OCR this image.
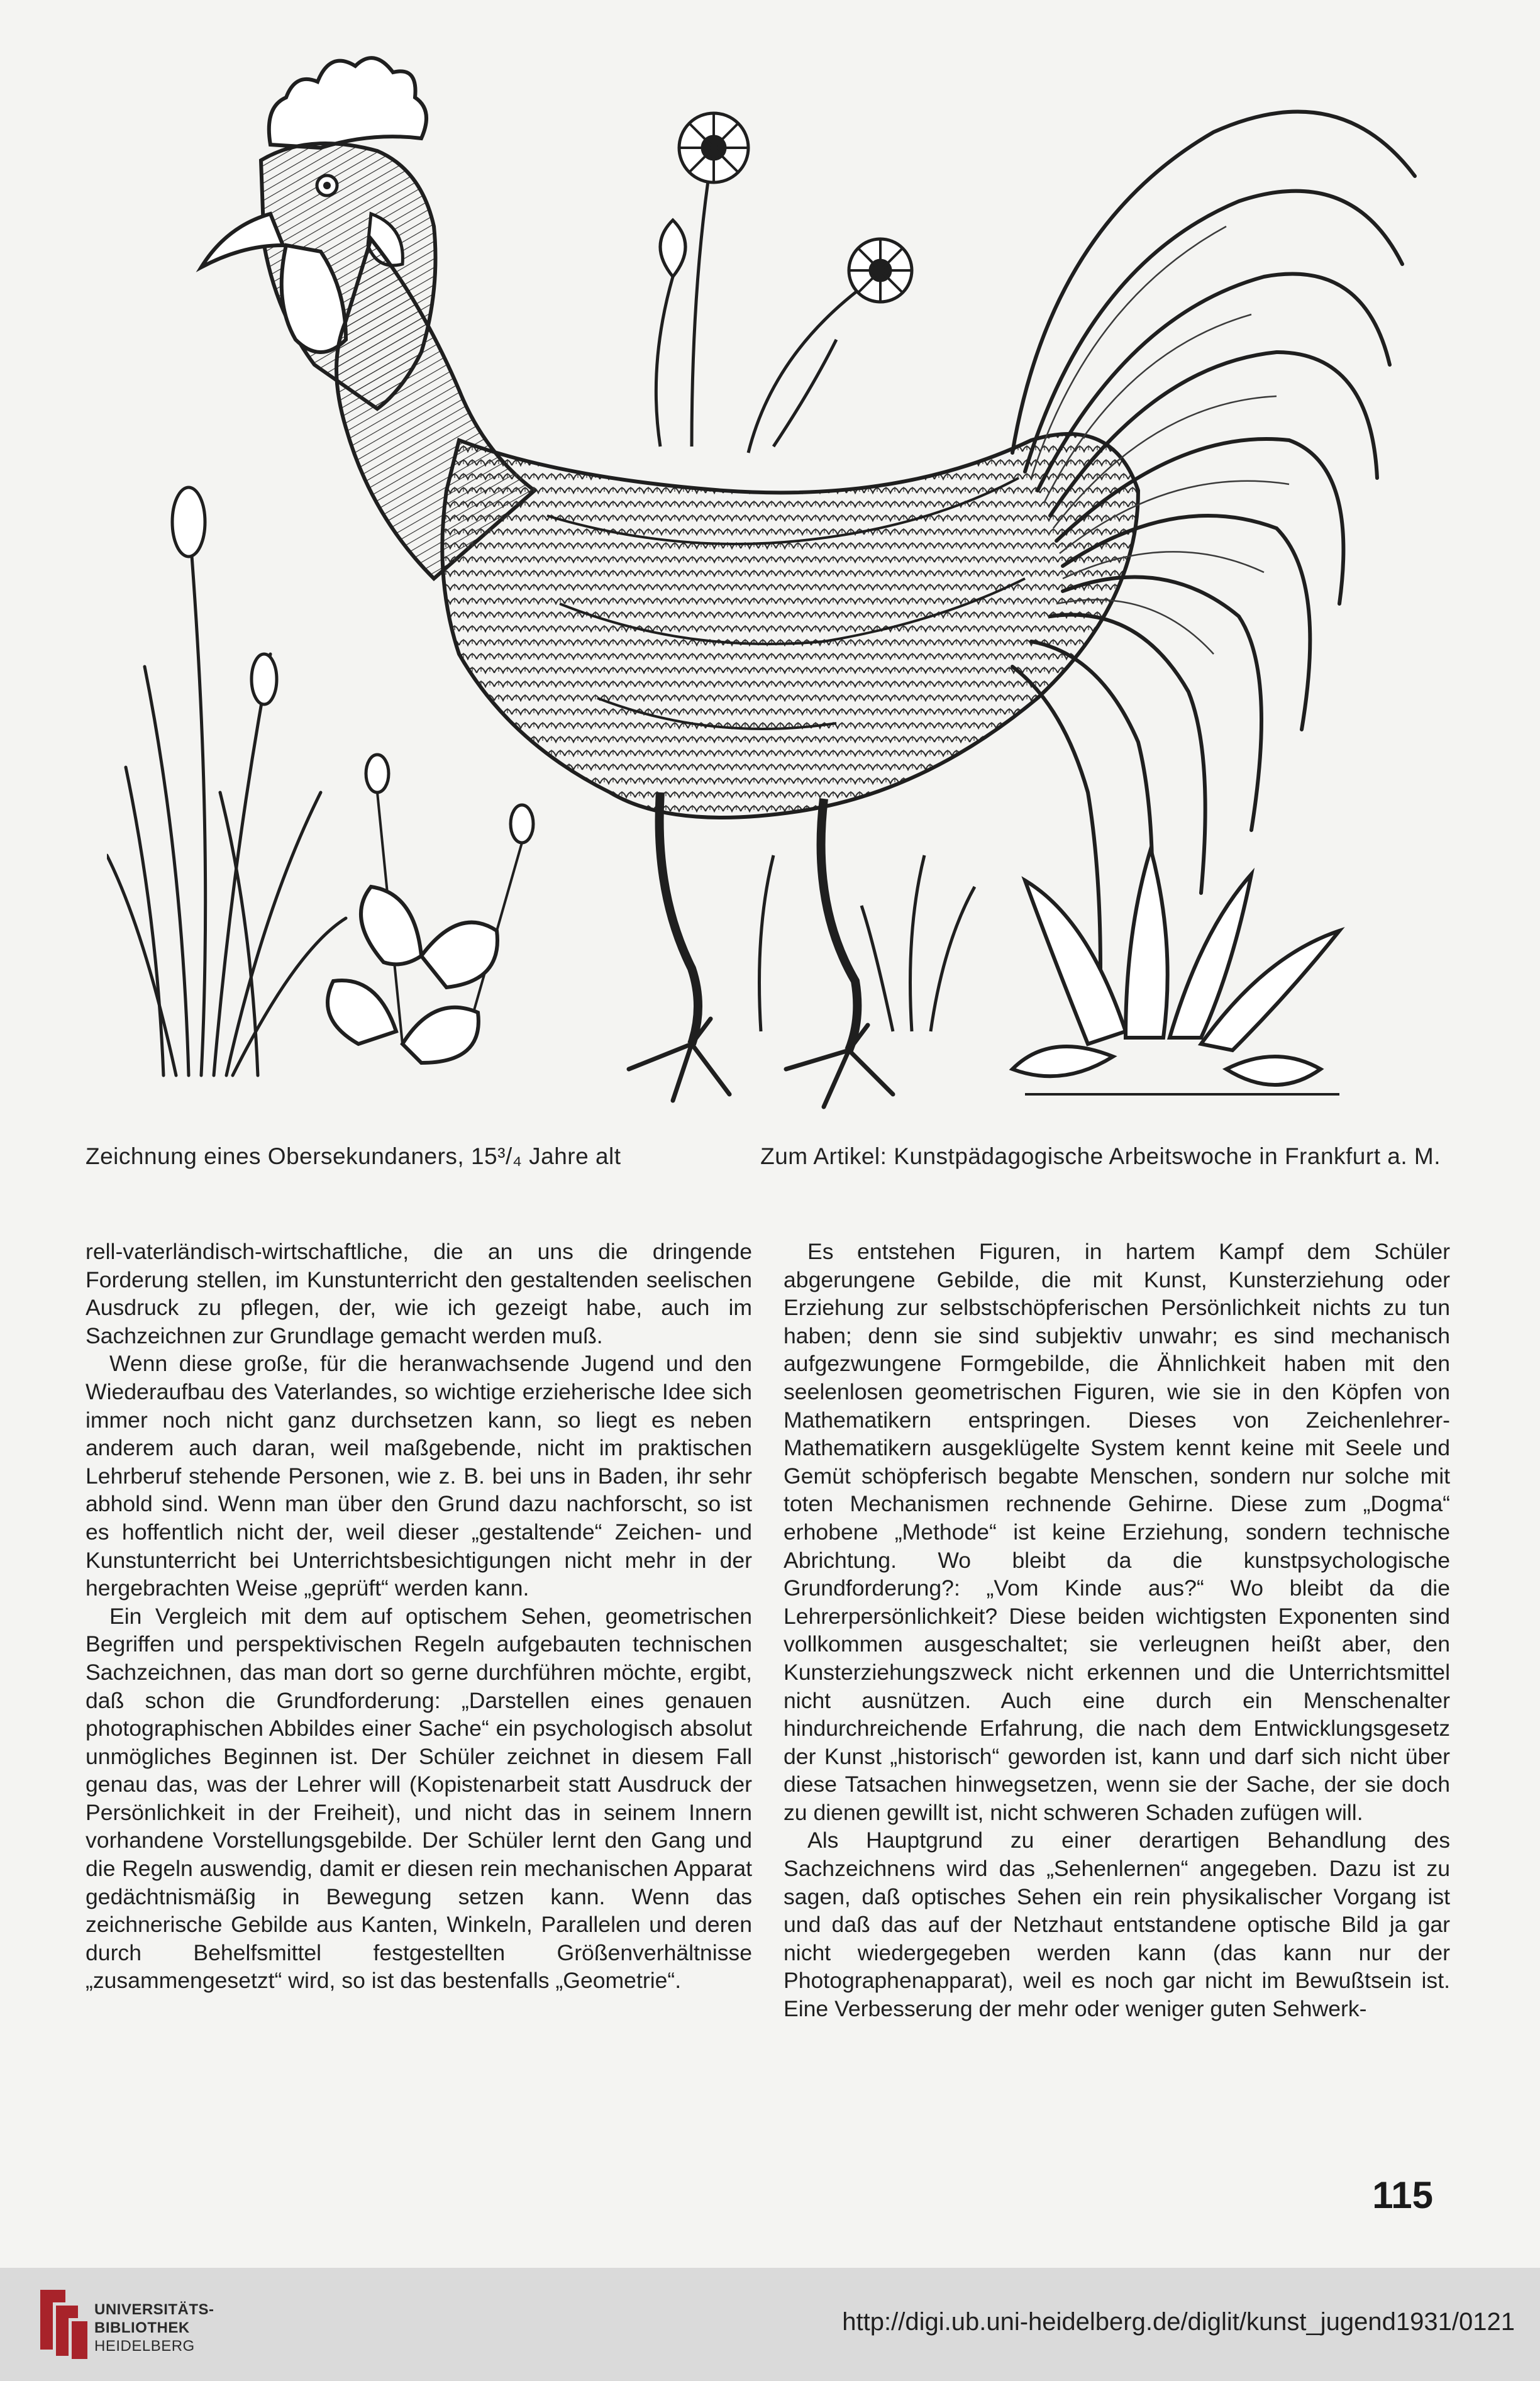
Zeichnung eines Obersekundaners, 15³/₄ Jahre alt	Zum Artikel: Kunstpädagogische Arbeitswoche in Frankfurt a. M.

rell-vaterländisch-wirtschaftliche, die an uns die dringende Forderung stellen, im Kunstunterricht den gestaltenden seelischen Ausdruck zu pflegen, der, wie ich gezeigt habe, auch im Sachzeichnen zur Grundlage gemacht werden muß.

Wenn diese große, für die heranwachsende Jugend und den Wiederaufbau des Vaterlandes, so wichtige erzieherische Idee sich immer noch nicht ganz durchsetzen kann, so liegt es neben anderem auch daran, weil maßgebende, nicht im praktischen Lehrberuf stehende Personen, wie z. B. bei uns in Baden, ihr sehr abhold sind. Wenn man über den Grund dazu nachforscht, so ist es hoffentlich nicht der, weil dieser „gestaltende“ Zeichen- und Kunstunterricht bei Unterrichtsbesichtigungen nicht mehr in der hergebrachten Weise „geprüft“ werden kann.

Ein Vergleich mit dem auf optischem Sehen, geometrischen Begriffen und perspektivischen Regeln aufgebauten technischen Sachzeichnen, das man dort so gerne durchführen möchte, ergibt, daß schon die Grundforderung: „Darstellen eines genauen photographischen Abbildes einer Sache“ ein psychologisch absolut unmögliches Beginnen ist. Der Schüler zeichnet in diesem Fall genau das, was der Lehrer will (Kopistenarbeit statt Ausdruck der Persönlichkeit in der Freiheit), und nicht das in seinem Innern vorhandene Vorstellungsgebilde. Der Schüler lernt den Gang und die Regeln auswendig, damit er diesen rein mechanischen Apparat gedächtnismäßig in Bewegung setzen kann. Wenn das zeichnerische Gebilde aus Kanten, Winkeln, Parallelen und deren durch Behelfsmittel festgestellten Größenverhältnisse „zusammengesetzt“ wird, so ist das bestenfalls „Geometrie“.

Es entstehen Figuren, in hartem Kampf dem Schüler abgerungene Gebilde, die mit Kunst, Kunsterziehung oder Erziehung zur selbstschöpferischen Persönlichkeit nichts zu tun haben; denn sie sind subjektiv unwahr; es sind mechanisch aufgezwungene Formgebilde, die Ähnlichkeit haben mit den seelenlosen geometrischen Figuren, wie sie in den Köpfen von Mathematikern entspringen. Dieses von Zeichenlehrer-Mathematikern ausgeklügelte System kennt keine mit Seele und Gemüt schöpferisch begabte Menschen, sondern nur solche mit toten Mechanismen rechnende Gehirne. Diese zum „Dogma“ erhobene „Methode“ ist keine Erziehung, sondern technische Abrichtung. Wo bleibt da die kunstpsychologische Grundforderung?: „Vom Kinde aus?“ Wo bleibt da die Lehrerpersönlichkeit? Diese beiden wichtigsten Exponenten sind vollkommen ausgeschaltet; sie verleugnen heißt aber, den Kunsterziehungszweck nicht erkennen und die Unterrichtsmittel nicht ausnützen. Auch eine durch ein Menschenalter hindurchreichende Erfahrung, die nach dem Entwicklungsgesetz der Kunst „historisch“ geworden ist, kann und darf sich nicht über diese Tatsachen hinwegsetzen, wenn sie der Sache, der sie doch zu dienen gewillt ist, nicht schweren Schaden zufügen will.

Als Hauptgrund zu einer derartigen Behandlung des Sachzeichnens wird das „Sehenlernen“ angegeben. Dazu ist zu sagen, daß optisches Sehen ein rein physikalischer Vorgang ist und daß das auf der Netzhaut entstandene optische Bild ja gar nicht wiedergegeben werden kann (das kann nur der Photographenapparat), weil es noch gar nicht im Bewußtsein ist. Eine Verbesserung der mehr oder weniger guten Sehwerk-

115
UNIVERSITÄTS-
BIBLIOTHEK
HEIDELBERG
http://digi.ub.uni-heidelberg.de/diglit/kunst_jugend1931/0121
